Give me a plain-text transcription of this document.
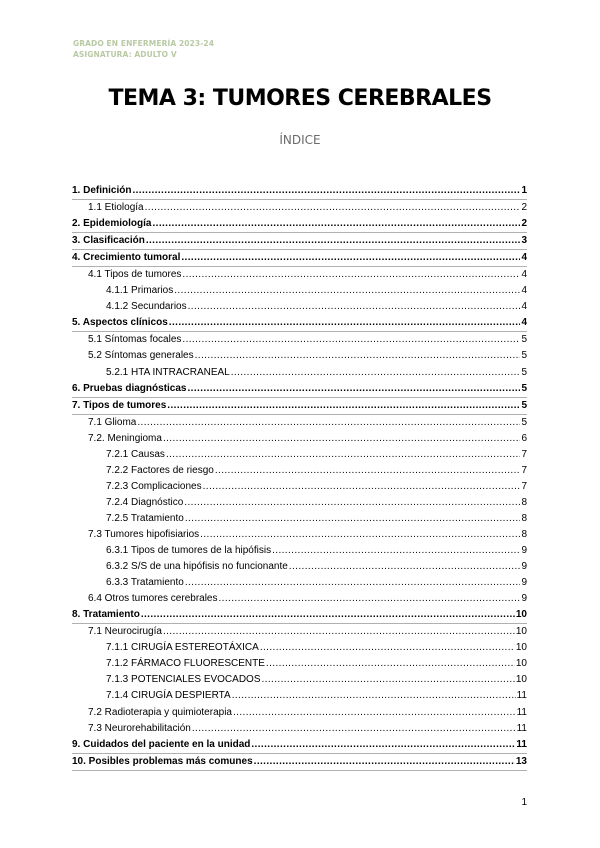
GRADO EN ENFERMERÍA 2023-24
ASIGNATURA: ADULTO V
TEMA 3: TUMORES CEREBRALES
ÍNDICE
1. Definición .....	1
1.1 Etiología .....	2
2. Epidemiología .....	2
3. Clasificación .....	3
4. Crecimiento tumoral .....	4
4.1 Tipos de tumores .....	4
4.1.1 Primarios .....	4
4.1.2 Secundarios .....	4
5. Aspectos clínicos .....	4
5.1 Síntomas focales .....	5
5.2 Síntomas generales .....	5
5.2.1 HTA INTRACRANEAL .....	5
6. Pruebas diagnósticas .....	5
7. Tipos de tumores .....	5
7.1 Glioma .....	5
7.2. Meningioma .....	6
7.2.1 Causas .....	7
7.2.2 Factores de riesgo .....	7
7.2.3 Complicaciones .....	7
7.2.4 Diagnóstico .....	8
7.2.5 Tratamiento .....	8
7.3 Tumores hipofisiarios .....	8
6.3.1 Tipos de tumores de la hipófisis .....	9
6.3.2 S/S de una hipófisis no funcionante .....	9
6.3.3 Tratamiento .....	9
6.4 Otros tumores cerebrales .....	9
8. Tratamiento .....	10
7.1 Neurocirugía .....	10
7.1.1 CIRUGÍA ESTEREOTÁXICA .....	10
7.1.2 FÁRMACO FLUORESCENTE .....	10
7.1.3 POTENCIALES EVOCADOS .....	10
7.1.4 CIRUGÍA DESPIERTA .....	11
7.2 Radioterapia y quimioterapia .....	11
7.3 Neurorehabilitación .....	11
9. Cuidados del paciente en la unidad .....	11
10. Posibles problemas más comunes .....	13
1
